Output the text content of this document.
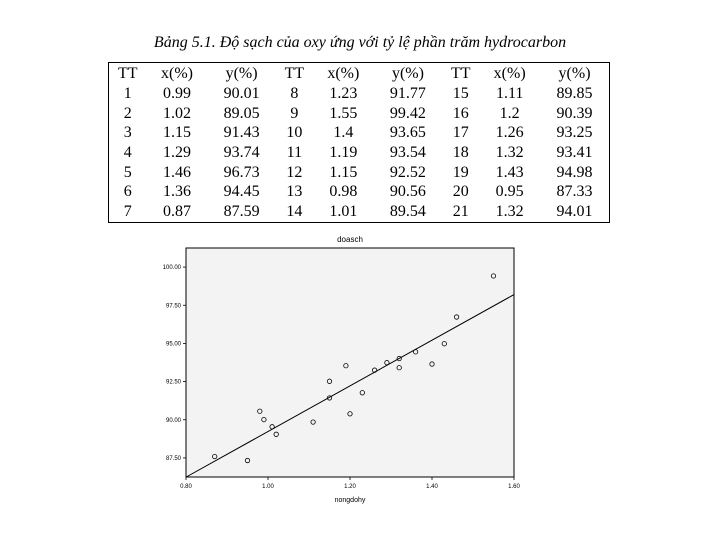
Bảng 5.1. Độ sạch của oxy ứng với tỷ lệ phần trăm hydrocarbon
TT	x(%)	y(%)	TT	x(%)	y(%)	TT	x(%)	y(%)
1	0.99	90.01	8	1.23	91.77	15	1.11	89.85
2	1.02	89.05	9	1.55	99.42	16	1.2	90.39
3	1.15	91.43	10	1.4	93.65	17	1.26	93.25
4	1.29	93.74	11	1.19	93.54	18	1.32	93.41
5	1.46	96.73	12	1.15	92.52	19	1.43	94.98
6	1.36	94.45	13	0.98	90.56	20	0.95	87.33
7	0.87	87.59	14	1.01	89.54	21	1.32	94.01
doasch
nongdohy
0.80	1.00	1.20	1.40	1.60
87.50
90.00
92.50
95.00
97.50
100.00
